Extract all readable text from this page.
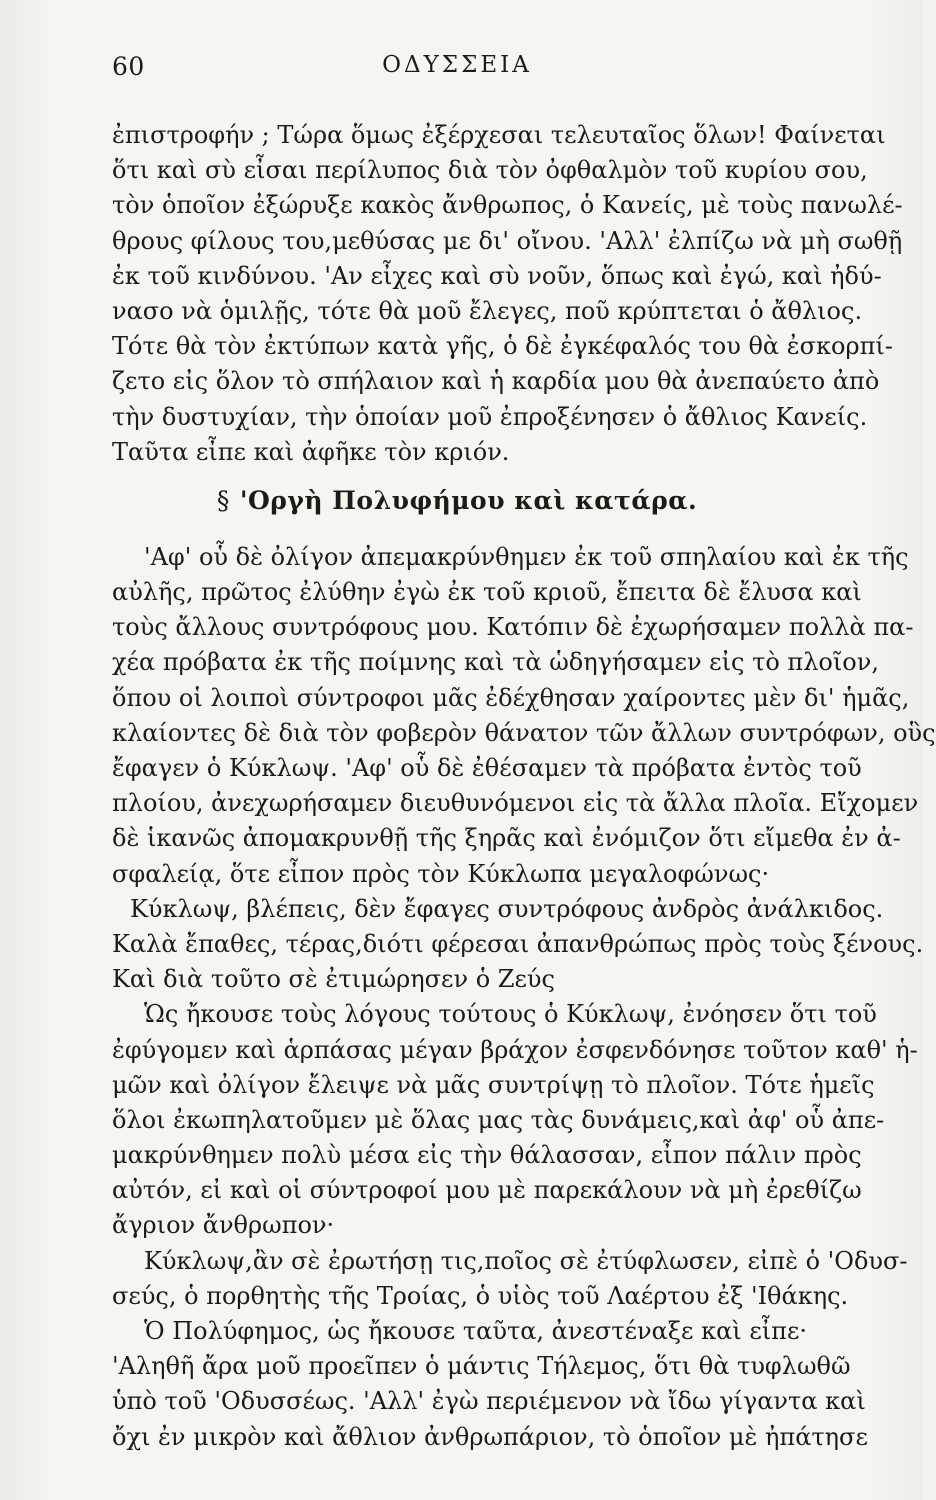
60	ΟΔΥΣΣΕΙΑ
ἐπιστροφήν ; Τώρα ὅμως ἐξέρχεσαι τελευταῖος ὅλων! Φαίνεται
ὅτι καὶ σὺ εἶσαι περίλυπος διὰ τὸν ὀφθαλμὸν τοῦ κυρίου σου,
τὸν ὁποῖον ἐξώρυξε κακὸς ἄνθρωπος, ὁ Κανείς, μὲ τοὺς πανωλέ-
θρους φίλους του,μεθύσας με δι' οἴνου. 'Αλλ' ἐλπίζω νὰ μὴ σωθῇ
ἐκ τοῦ κινδύνου. 'Αν εἶχες καὶ σὺ νοῦν, ὅπως καὶ ἐγώ, καὶ ἠδύ-
νασο νὰ ὁμιλῇς, τότε θὰ μοῦ ἔλεγες, ποῦ κρύπτεται ὁ ἄθλιος.
Τότε θὰ τὸν ἐκτύπων κατὰ γῆς, ὁ δὲ ἐγκέφαλός του θὰ ἐσκορπί-
ζετο εἰς ὅλον τὸ σπήλαιον καὶ ἡ καρδία μου θὰ ἀνεπαύετο ἀπὸ
τὴν δυστυχίαν, τὴν ὁποίαν μοῦ ἐπροξένησεν ὁ ἄθλιος Κανείς.
Ταῦτα εἶπε καὶ ἀφῆκε τὸν κριόν.
§ 'Οργὴ Πολυφήμου καὶ κατάρα.
'Αφ' οὗ δὲ ὀλίγον ἀπεμακρύνθημεν ἐκ τοῦ σπηλαίου καὶ ἐκ τῆς
αὐλῆς, πρῶτος ἐλύθην ἐγὼ ἐκ τοῦ κριοῦ, ἔπειτα δὲ ἔλυσα καὶ
τοὺς ἄλλους συντρόφους μου. Κατόπιν δὲ ἐχωρήσαμεν πολλὰ πα-
χέα πρόβατα ἐκ τῆς ποίμνης καὶ τὰ ὡδηγήσαμεν εἰς τὸ πλοῖον,
ὅπου οἱ λοιποὶ σύντροφοι μᾶς ἐδέχθησαν χαίροντες μὲν δι' ἡμᾶς,
κλαίοντες δὲ διὰ τὸν φοβερὸν θάνατον τῶν ἄλλων συντρόφων, οὓς
ἔφαγεν ὁ Κύκλωψ. 'Αφ' οὗ δὲ ἐθέσαμεν τὰ πρόβατα ἐντὸς τοῦ
πλοίου, ἀνεχωρήσαμεν διευθυνόμενοι εἰς τὰ ἄλλα πλοῖα. Εἴχομεν
δὲ ἱκανῶς ἀπομακρυνθῇ τῆς ξηρᾶς καὶ ἐνόμιζον ὅτι εἴμεθα ἐν ἀ-
σφαλείᾳ, ὅτε εἶπον πρὸς τὸν Κύκλωπα μεγαλοφώνως·
Κύκλωψ, βλέπεις, δὲν ἔφαγες συντρόφους ἀνδρὸς ἀνάλκιδος.
Καλὰ ἔπαθες, τέρας,διότι φέρεσαι ἀπανθρώπως πρὸς τοὺς ξένους.
Καὶ διὰ τοῦτο σὲ ἐτιμώρησεν ὁ Ζεύς
Ὡς ἤκουσε τοὺς λόγους τούτους ὁ Κύκλωψ, ἐνόησεν ὅτι τοῦ
ἐφύγομεν καὶ ἁρπάσας μέγαν βράχον ἐσφενδόνησε τοῦτον καθ' ἡ-
μῶν καὶ ὀλίγον ἔλειψε νὰ μᾶς συντρίψῃ τὸ πλοῖον. Τότε ἡμεῖς
ὅλοι ἐκωπηλατοῦμεν μὲ ὅλας μας τὰς δυνάμεις,καὶ ἀφ' οὗ ἀπε-
μακρύνθημεν πολὺ μέσα εἰς τὴν θάλασσαν, εἶπον πάλιν πρὸς
αὐτόν, εἰ καὶ οἱ σύντροφοί μου μὲ παρεκάλουν νὰ μὴ ἐρεθίζω
ἄγριον ἄνθρωπον·
Κύκλωψ,ἂν σὲ ἐρωτήσῃ τις,ποῖος σὲ ἐτύφλωσεν, εἰπὲ ὁ 'Οδυσ-
σεύς, ὁ πορθητὴς τῆς Τροίας, ὁ υἱὸς τοῦ Λαέρτου ἐξ 'Ιθάκης.
Ὁ Πολύφημος, ὡς ἤκουσε ταῦτα, ἀνεστέναξε καὶ εἶπε·
'Αληθῆ ἄρα μοῦ προεῖπεν ὁ μάντις Τήλεμος, ὅτι θὰ τυφλωθῶ
ὑπὸ τοῦ 'Οδυσσέως. 'Αλλ' ἐγὼ περιέμενον νὰ ἴδω γίγαντα καὶ
ὄχι ἐν μικρὸν καὶ ἄθλιον ἀνθρωπάριον, τὸ ὁποῖον μὲ ἠπάτησε
